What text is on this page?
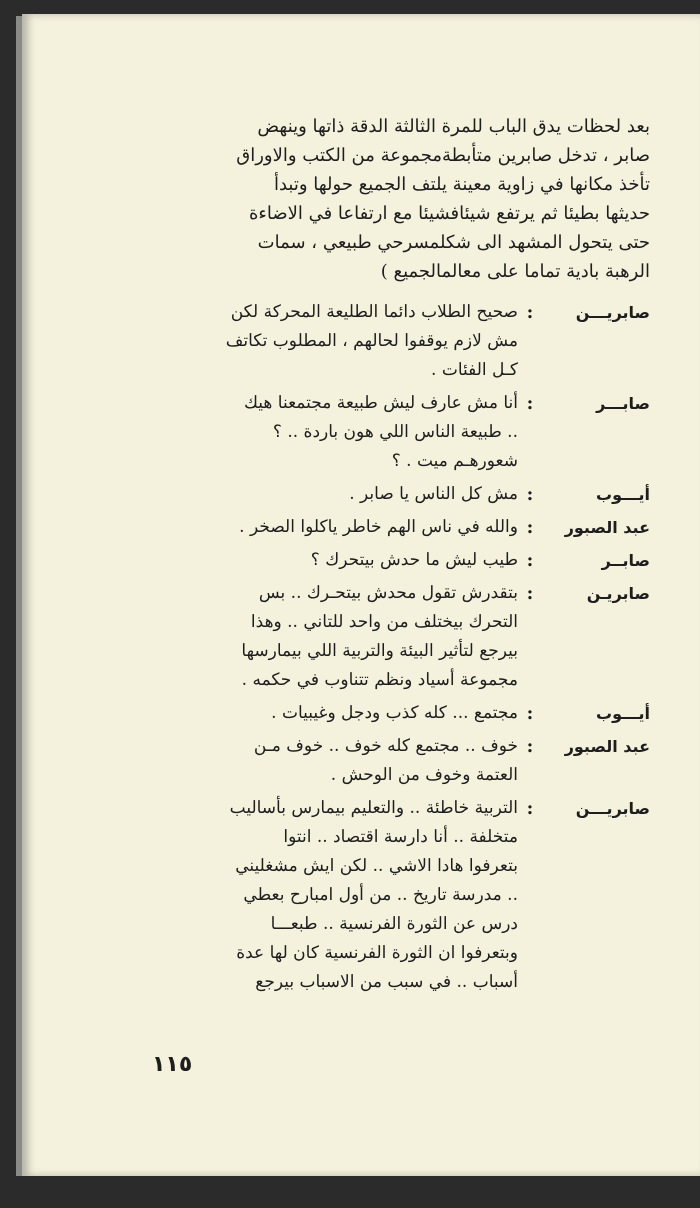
بعد لحظات يدق الباب للمرة الثالثة الدقة ذاتها وينهض

صابر ، تدخل صابرين متأبطةمجموعة من الكتب والاوراق

تأخذ مكانها في زاوية معينة يلتف الجميع حولها وتبدأ

حديثها بطيئا ثم يرتفع شيئافشيئا مع ارتفاعا في الاضاءة

حتى يتحول المشهد الى شكلمسرحي طبيعي ، سمات

الرهبة بادية تماما على معالمالجميع )

صابريـــن
:
صحيح الطلاب دائما الطليعة المحركة لكن
مش لازم يوقفوا لحالهم ، المطلوب تكاتف
كـل الفئات .
صابـــر
:
أنا مش عارف ليش طبيعة مجتمعنا هيك
.. طبيعة الناس اللي هون باردة .. ؟
شعورهـم ميت . ؟
أيـــوب
:
مش كل الناس يا صابر .
عبد الصبور
:
والله في ناس الهم خاطر ياكلوا الصخر .
صابــر
:
طيب ليش ما حدش بيتحرك ؟
صابريـن
:
بتقدرش تقول محدش بيتحـرك .. بس
التحرك بيختلف من واحد للتاني .. وهذا
بيرجع لتأثير البيئة والتربية اللي بيمارسها
مجموعة أسياد ونظم تتناوب في حكمه .
أيـــوب
:
مجتمع ... كله كذب ودجل وغيبيات .
عبد الصبور
:
خوف .. مجتمع كله خوف .. خوف مـن
العتمة وخوف من الوحش .
صابريـــن
:
التربية خاطئة .. والتعليم بيمارس بأساليب
متخلفة .. أنا دارسة اقتصاد .. انتوا
بتعرفوا هادا الاشي .. لكن ايش مشغليني
.. مدرسة تاريخ .. من أول امبارح بعطي
درس عن الثورة الفرنسية .. طبعـــا
وبتعرفوا ان الثورة الفرنسية كان لها عدة
أسباب .. في سبب من الاسباب بيرجع
١١٥
